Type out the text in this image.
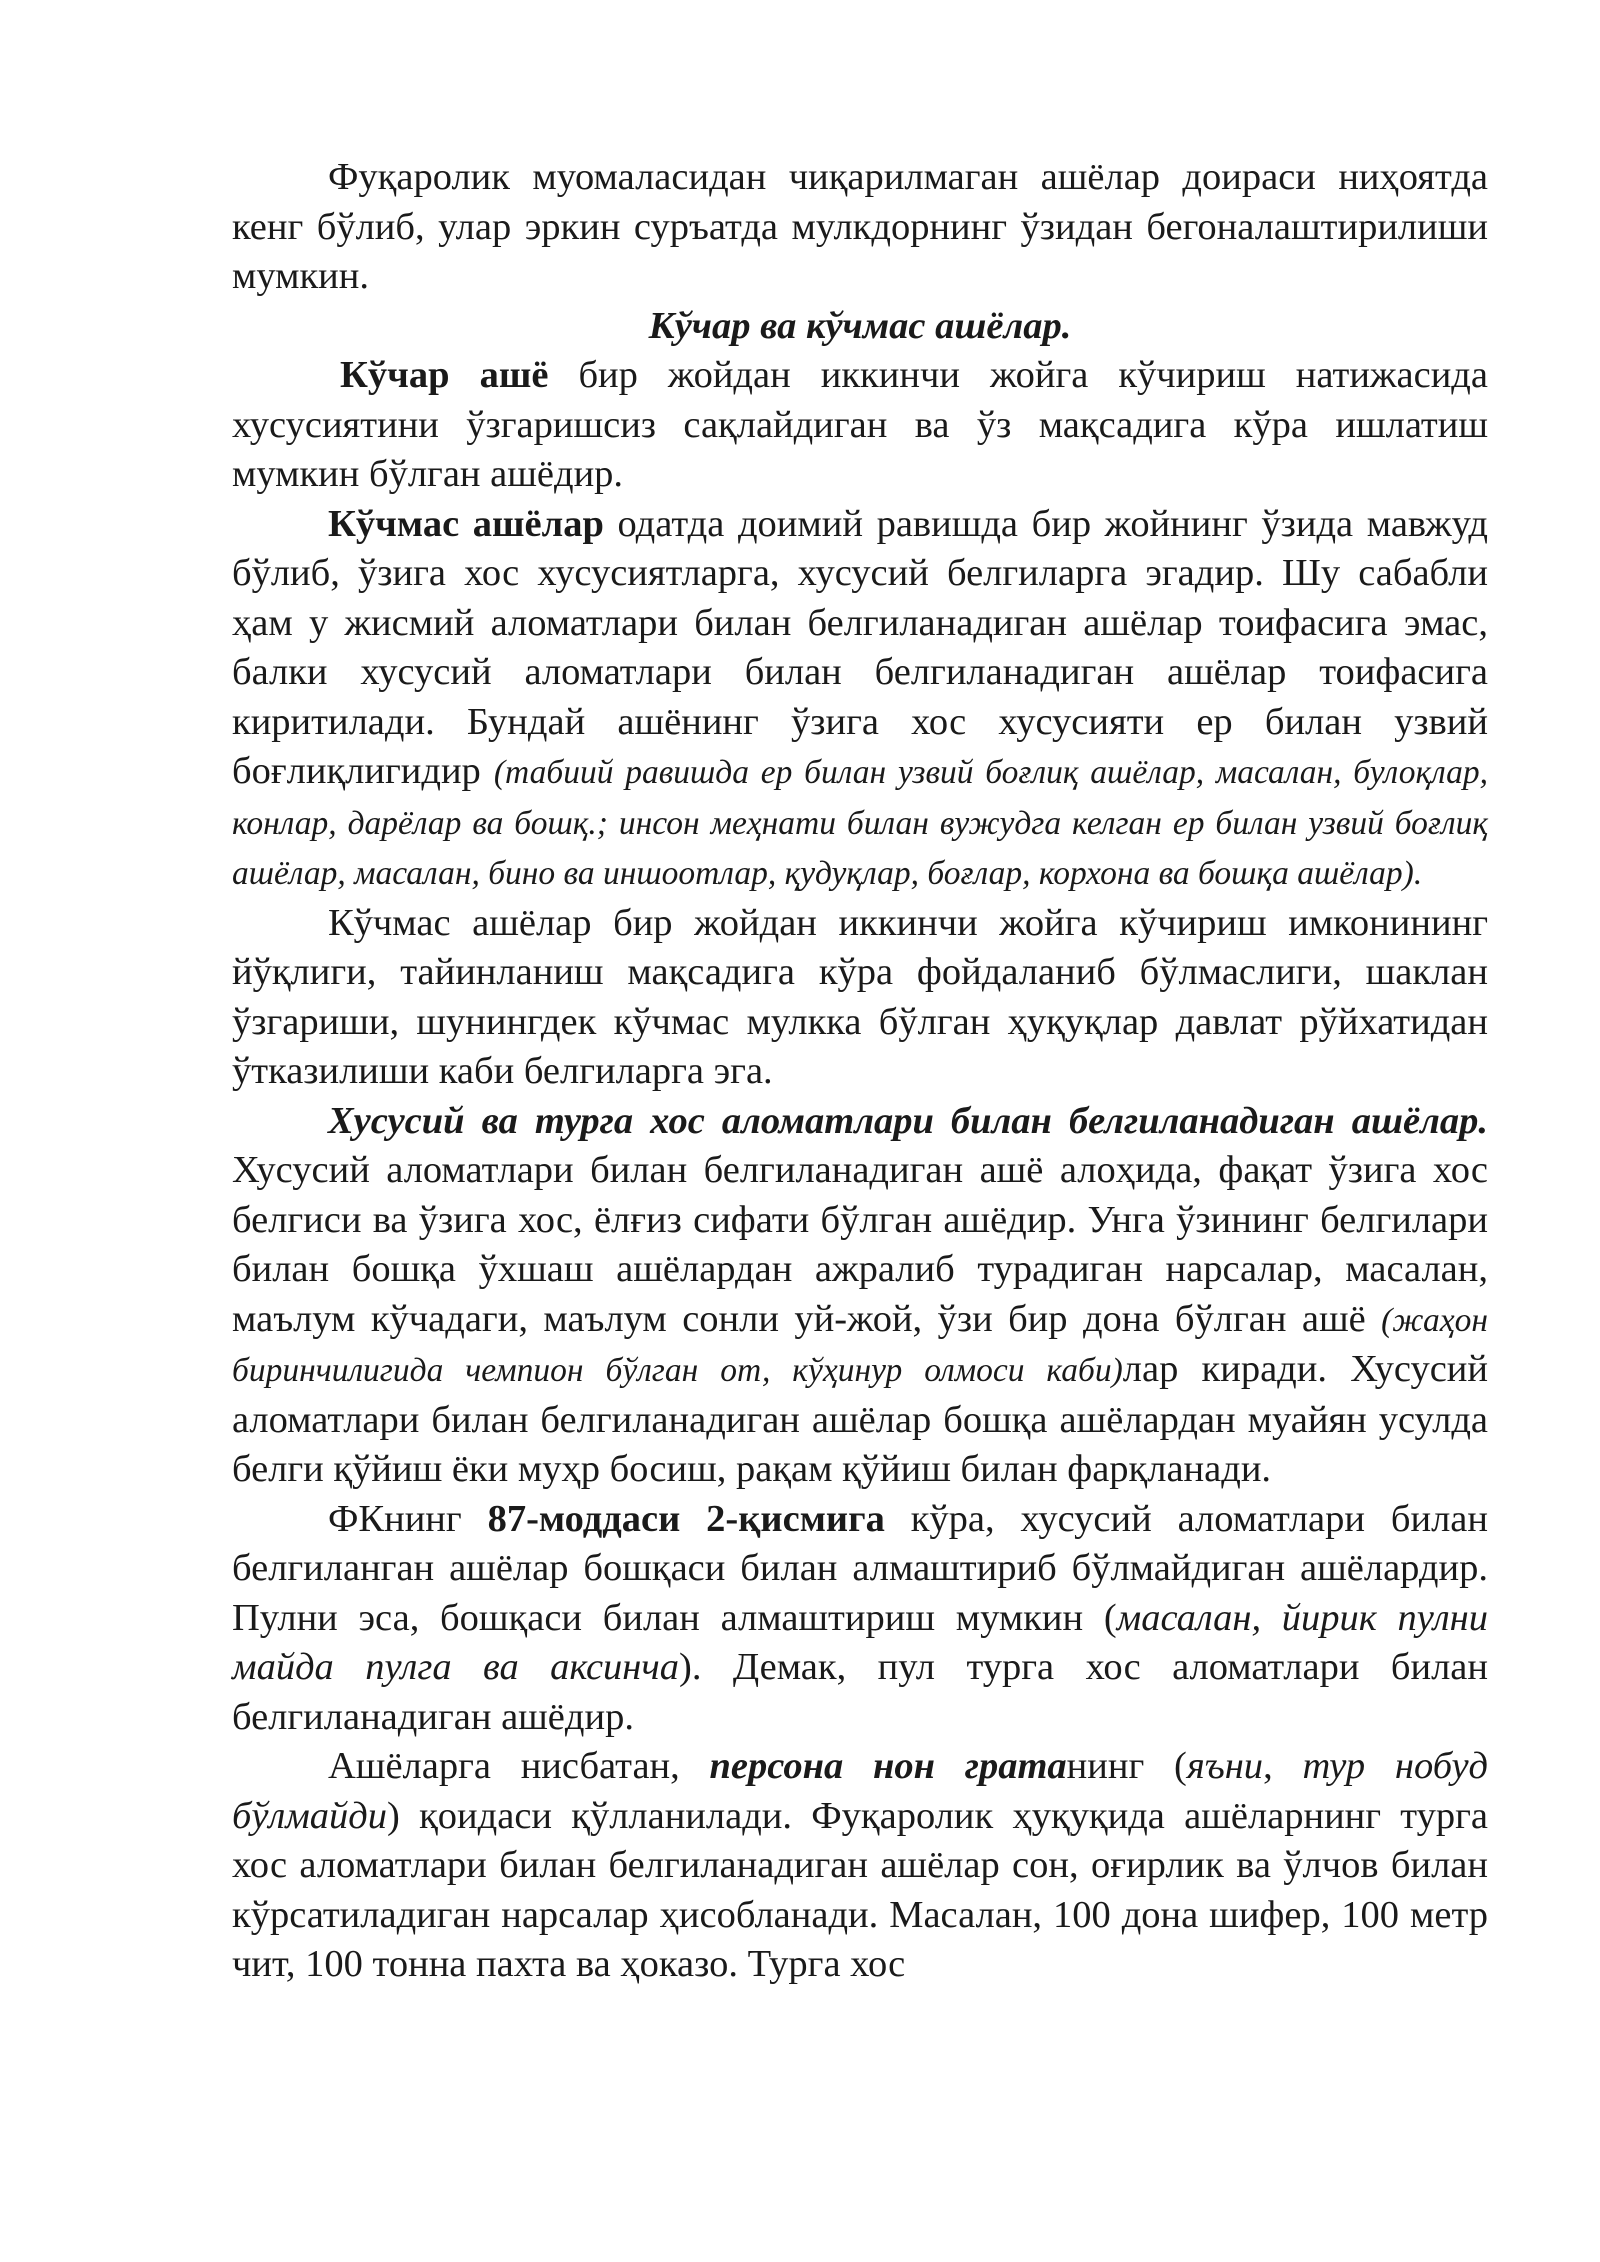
Фуқаролик муомаласидан чиқарилмаган ашёлар доираси ниҳоятда кенг бўлиб, улар эркин суръатда мулкдорнинг ўзидан бегоналаштирилиши мумкин.

Кўчар ва кўчмас ашёлар.

Кўчар ашё бир жойдан иккинчи жойга кўчириш натижасида хусусиятини ўзгаришсиз сақлайдиган ва ўз мақсадига кўра ишлатиш мумкин бўлган ашёдир.

Кўчмас ашёлар одатда доимий равишда бир жойнинг ўзида мавжуд бўлиб, ўзига хос хусусиятларга, хусусий белгиларга эгадир. Шу сабабли ҳам у жисмий аломатлари билан белгиланадиган ашёлар тоифасига эмас, балки хусусий аломатлари билан белгиланадиган ашёлар тоифасига киритилади. Бундай ашёнинг ўзига хос хусусияти ер билан узвий боғлиқлигидир (табиий равишда ер билан узвий боғлиқ ашёлар, масалан, булоқлар, конлар, дарёлар ва бошқ.; инсон меҳнати билан вужудга келган ер билан узвий боғлиқ ашёлар, масалан, бино ва иншоотлар, қудуқлар, боғлар, корхона ва бошқа ашёлар).

Кўчмас ашёлар бир жойдан иккинчи жойга кўчириш имконининг йўқлиги, тайинланиш мақсадига кўра фойдаланиб бўлмаслиги, шаклан ўзгариши, шунингдек кўчмас мулкка бўлган ҳуқуқлар давлат рўйхатидан ўтказилиши каби белгиларга эга.

Хусусий ва турга хос аломатлари билан белгиланадиган ашёлар. Хусусий аломатлари билан белгиланадиган ашё алоҳида, фақат ўзига хос белгиси ва ўзига хос, ёлғиз сифати бўлган ашёдир. Унга ўзининг белгилари билан бошқа ўхшаш ашёлардан ажралиб турадиган нарсалар, масалан, маълум кўчадаги, маълум сонли уй-жой, ўзи бир дона бўлган ашё (жаҳон биринчилигида чемпион бўлган от, кўҳинур олмоси каби)лар киради. Хусусий аломатлари билан белгиланадиган ашёлар бошқа ашёлардан муайян усулда белги қўйиш ёки муҳр босиш, рақам қўйиш билан фарқланади.

ФКнинг 87-моддаси 2-қисмига кўра, хусусий аломатлари билан белгиланган ашёлар бошқаси билан алмаштириб бўлмайдиган ашёлардир. Пулни эса, бошқаси билан алмаштириш мумкин (масалан, йирик пулни майда пулга ва аксинча). Демак, пул турга хос аломатлари билан белгиланадиган ашёдир.

Ашёларга нисбатан, персона нон гратанинг (яъни, тур нобуд бўлмайди) қоидаси қўлланилади. Фуқаролик ҳуқуқида ашёларнинг турга хос аломатлари билан белгиланадиган ашёлар сон, оғирлик ва ўлчов билан кўрсатиладиган нарсалар ҳисобланади. Масалан, 100 дона шифер, 100 метр чит, 100 тонна пахта ва ҳоказо. Турга хос
